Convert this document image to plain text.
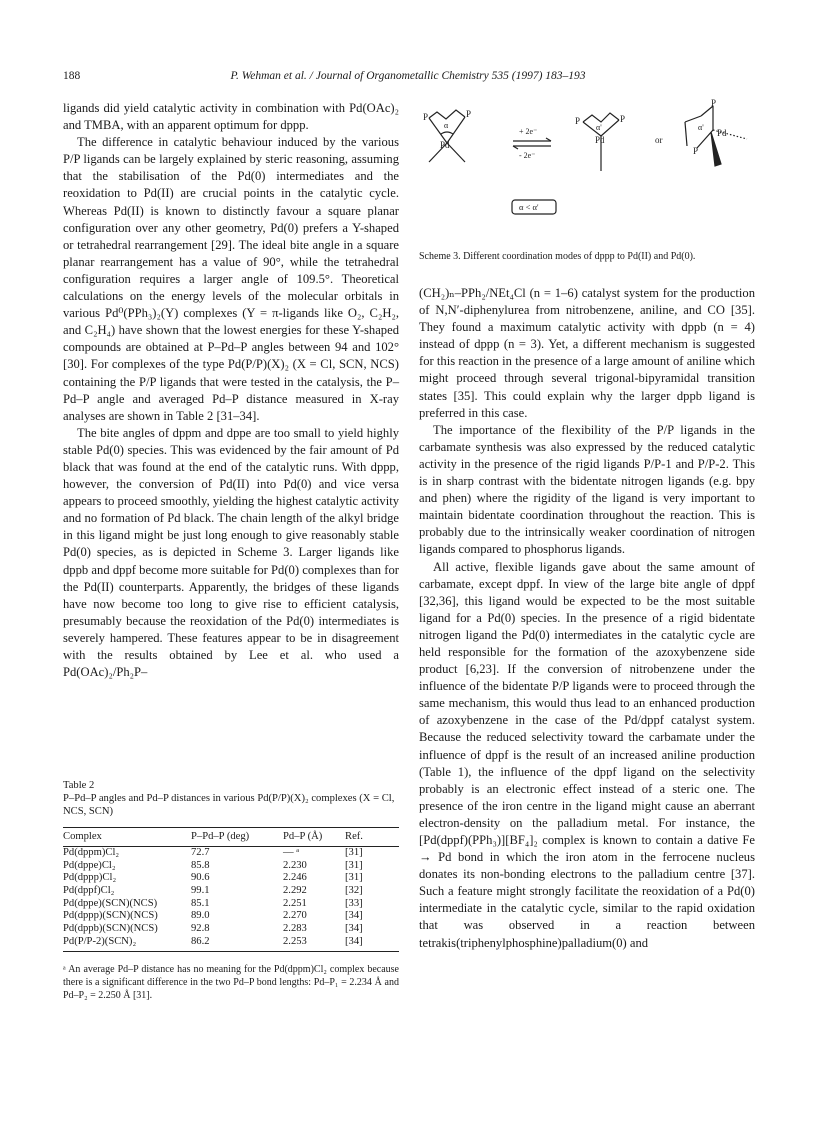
188	P. Wehman et al. / Journal of Organometallic Chemistry 535 (1997) 183–193

ligands did yield catalytic activity in combination with Pd(OAc)₂ and TMBA, with an apparent optimum for dppp.

The difference in catalytic behaviour induced by the various P/P ligands can be largely explained by steric reasoning, assuming that the stabilisation of the Pd(0) intermediates and the reoxidation to Pd(II) are crucial points in the catalytic cycle. Whereas Pd(II) is known to distinctly favour a square planar configuration over any other geometry, Pd(0) prefers a Y-shaped or tetrahedral rearrangement [29]. The ideal bite angle in a square planar rearrangement has a value of 90°, while the tetrahedral configuration requires a larger angle of 109.5°. Theoretical calculations on the energy levels of the molecular orbitals in various Pd⁰(PPh₃)₂(Y) complexes (Y = π-ligands like O₂, C₂H₂, and C₂H₄) have shown that the lowest energies for these Y-shaped compounds are obtained at P–Pd–P angles between 94 and 102° [30]. For complexes of the type Pd(P/P)(X)₂ (X = Cl, SCN, NCS) containing the P/P ligands that were tested in the catalysis, the P–Pd–P angle and averaged Pd–P distance measured in X-ray analyses are shown in Table 2 [31–34].

The bite angles of dppm and dppe are too small to yield highly stable Pd(0) species. This was evidenced by the fair amount of Pd black that was found at the end of the catalytic runs. With dppp, however, the conversion of Pd(II) into Pd(0) and vice versa appears to proceed smoothly, yielding the highest catalytic activity and no formation of Pd black. The chain length of the alkyl bridge in this ligand might be just long enough to give reasonably stable Pd(0) species, as is depicted in Scheme 3. Larger ligands like dppb and dppf become more suitable for Pd(0) complexes than for the Pd(II) counterparts. Apparently, the bridges of these ligands have now become too long to give rise to efficient catalysis, presumably because the reoxidation of the Pd(0) intermediates is severely hampered. These features appear to be in disagreement with the results obtained by Lee et al. who used a Pd(OAc)₂/Ph₂P–

P	P
α
Pd
+ 2e⁻
- 2e⁻
P	P
α'
Pd	or
P
α'
Pd
P
α < α'
Scheme 3. Different coordination modes of dppp to Pd(II) and Pd(0).

(CH₂)ₙ–PPh₂/NEt₄Cl (n = 1–6) catalyst system for the production of N,N′-diphenylurea from nitrobenzene, aniline, and CO [35]. They found a maximum catalytic activity with dppb (n = 4) instead of dppp (n = 3). Yet, a different mechanism is suggested for this reaction in the presence of a large amount of aniline which might proceed through several trigonal-bipyramidal transition states [35]. This could explain why the larger dppb ligand is preferred in this case.

The importance of the flexibility of the P/P ligands in the carbamate synthesis was also expressed by the reduced catalytic activity in the presence of the rigid ligands P/P-1 and P/P-2. This is in sharp contrast with the bidentate nitrogen ligands (e.g. bpy and phen) where the rigidity of the ligand is very important to maintain bidentate coordination throughout the reaction. This is probably due to the intrinsically weaker coordination of nitrogen ligands compared to phosphorus ligands.

All active, flexible ligands gave about the same amount of carbamate, except dppf. In view of the large bite angle of dppf [32,36], this ligand would be expected to be the most suitable ligand for a Pd(0) species. In the presence of a rigid bidentate nitrogen ligand the Pd(0) intermediates in the catalytic cycle are held responsible for the formation of the azoxybenzene side product [6,23]. If the conversion of nitrobenzene under the influence of the bidentate P/P ligands were to proceed through the same mechanism, this would thus lead to an enhanced production of azoxybenzene in the case of the Pd/dppf catalyst system. Because the reduced selectivity toward the carbamate under the influence of dppf is the result of an increased aniline production (Table 1), the influence of the dppf ligand on the selectivity probably is an electronic effect instead of a steric one. The presence of the iron centre in the ligand might cause an aberrant electron-density on the palladium metal. For instance, the [Pd(dppf)(PPh₃)][BF₄]₂ complex is known to contain a dative Fe → Pd bond in which the iron atom in the ferrocene nucleus donates its non-bonding electrons to the palladium centre [37]. Such a feature might strongly facilitate the reoxidation of a Pd(0) intermediate in the catalytic cycle, similar to the rapid oxidation that was observed in a reaction between tetrakis(triphenylphosphine)palladium(0) and

Table 2

P–Pd–P angles and Pd–P distances in various Pd(P/P)(X)₂ complexes (X = Cl, NCS, SCN)

Complex	P–Pd–P (deg)	Pd–P (Å)	Ref.
Pd(dppm)Cl₂	72.7	— ᵃ	[31]
Pd(dppe)Cl₂	85.8	2.230	[31]
Pd(dppp)Cl₂	90.6	2.246	[31]
Pd(dppf)Cl₂	99.1	2.292	[32]
Pd(dppe)(SCN)(NCS)	85.1	2.251	[33]
Pd(dppp)(SCN)(NCS)	89.0	2.270	[34]
Pd(dppb)(SCN)(NCS)	92.8	2.283	[34]
Pd(P/P-2)(SCN)₂	86.2	2.253	[34]
ᵃ An average Pd–P distance has no meaning for the Pd(dppm)Cl₂ complex because there is a significant difference in the two Pd–P bond lengths: Pd–P₁ = 2.234 Å and Pd–P₂ = 2.250 Å [31].
